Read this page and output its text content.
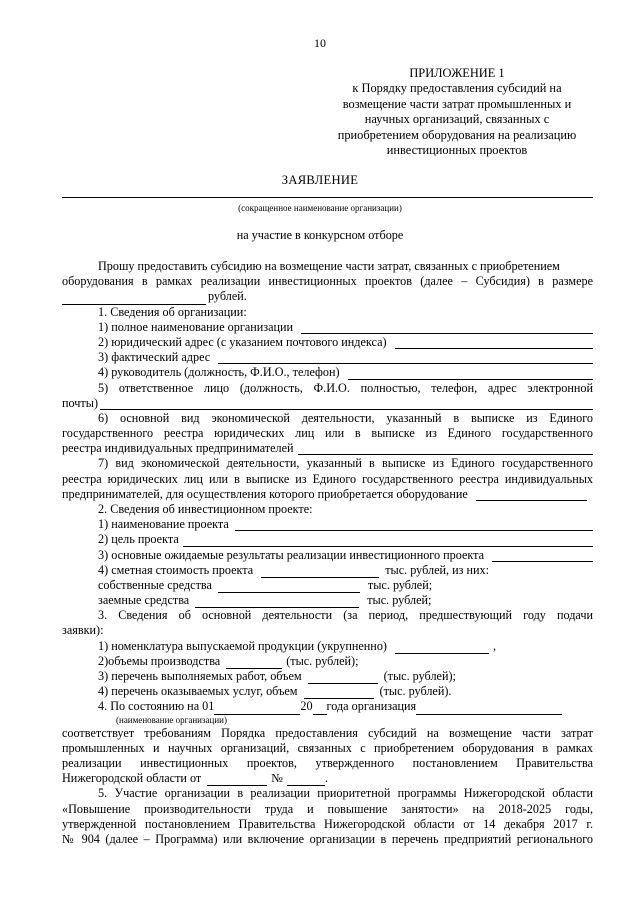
10
ПРИЛОЖЕНИЕ 1
к Порядку предоставления субсидий на
возмещение части затрат промышленных и
научных организаций, связанных с
приобретением оборудования на реализацию
инвестиционных проектов
ЗАЯВЛЕНИЕ
(сокращенное наименование организации)
на участие в конкурсном отборе
Прошу предоставить субсидию на возмещение части затрат, связанных с приобретением
оборудования в рамках реализации инвестиционных проектов (далее – Субсидия) в размере
рублей.
1. Сведения об организации:
1) полное наименование организации
2) юридический адрес (с указанием почтового индекса)
3) фактический адрес
4) руководитель (должность, Ф.И.О., телефон)
5) ответственное лицо (должность, Ф.И.О. полностью, телефон, адрес электронной
почты)
6) основной вид экономической деятельности, указанный в выписке из Единого
государственного реестра юридических лиц или в выписке из Единого государственного
реестра индивидуальных предпринимателей
7) вид экономической деятельности, указанный в выписке из Единого государственного
реестра юридических лиц или в выписке из Единого государственного реестра индивидуальных
предпринимателей, для осуществления которого приобретается оборудование
2. Сведения об инвестиционном проекте:
1) наименование проекта
2) цель проекта
3) основные ожидаемые результаты реализации инвестиционного проекта
4) сметная стоимость проекта	тыс. рублей, из них:
собственные средства	тыс. рублей;
заемные средства	тыс. рублей;
3. Сведения об основной деятельности (за период, предшествующий году подачи
заявки):
1) номенклатура выпускаемой продукции (укрупненно)	,
2)объемы производства	(тыс. рублей);
3) перечень выполняемых работ, объем	(тыс. рублей);
4) перечень оказываемых услуг, объем	(тыс. рублей).
4. По состоянию на 01	20 года организация
(наименование организации)
соответствует требованиям Порядка предоставления субсидий на возмещение части затрат
промышленных и научных организаций, связанных с приобретением оборудования в рамках
реализации инвестиционных проектов, утвержденного постановлением Правительства
Нижегородской области от	№	.
5. Участие организации в реализации приоритетной программы Нижегородской области
«Повышение производительности труда и повышение занятости» на 2018-2025 годы,
утвержденной постановлением Правительства Нижегородской области от 14 декабря 2017 г.
№ 904 (далее – Программа) или включение организации в перечень предприятий регионального
